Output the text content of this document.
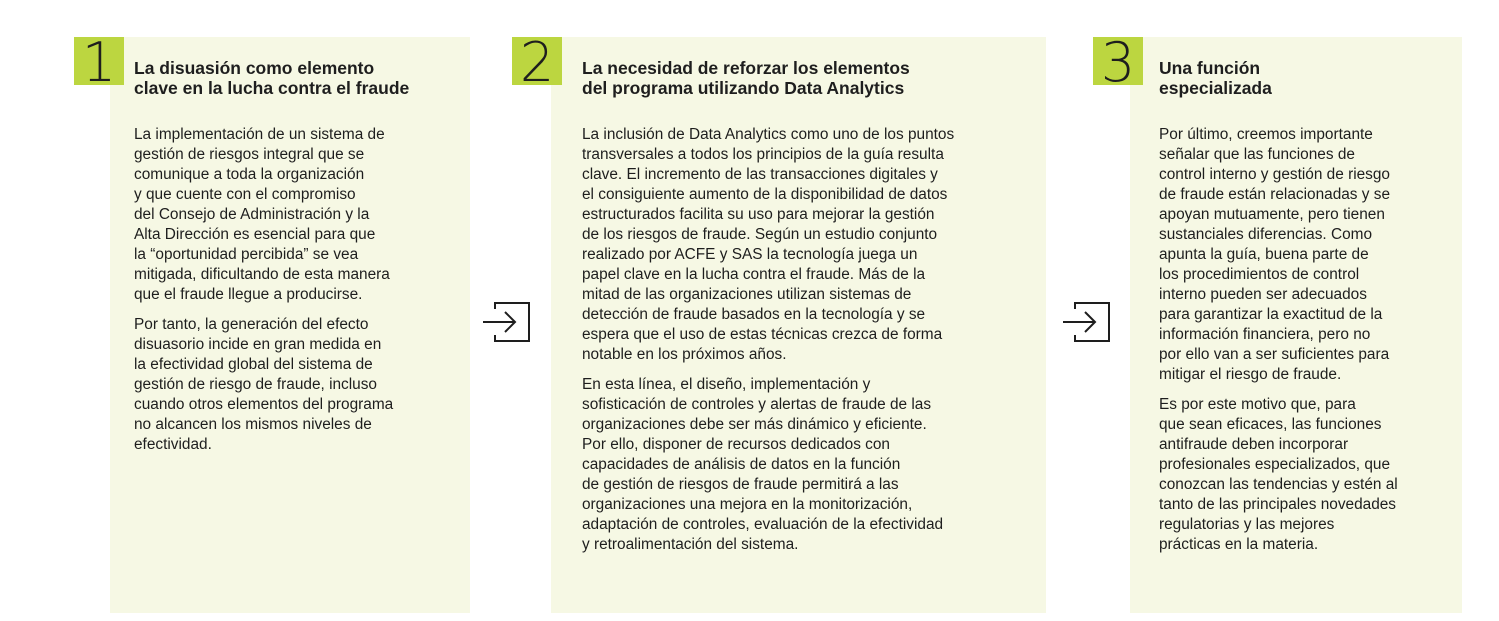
1	La disuasión como elemento
clave en la lucha contra el fraude

La implementación de un sistema de
gestión de riesgos integral que se
comunique a toda la organización
y que cuente con el compromiso
del Consejo de Administración y la
Alta Dirección es esencial para que
la “oportunidad percibida” se vea
mitigada, dificultando de esta manera
que el fraude llegue a producirse.

Por tanto, la generación del efecto
disuasorio incide en gran medida en
la efectividad global del sistema de
gestión de riesgo de fraude, incluso
cuando otros elementos del programa
no alcancen los mismos niveles de
efectividad.

2	La necesidad de reforzar los elementos
del programa utilizando Data Analytics

La inclusión de Data Analytics como uno de los puntos
transversales a todos los principios de la guía resulta
clave. El incremento de las transacciones digitales y
el consiguiente aumento de la disponibilidad de datos
estructurados facilita su uso para mejorar la gestión
de los riesgos de fraude. Según un estudio conjunto
realizado por ACFE y SAS la tecnología juega un
papel clave en la lucha contra el fraude. Más de la
mitad de las organizaciones utilizan sistemas de
detección de fraude basados en la tecnología y se
espera que el uso de estas técnicas crezca de forma
notable en los próximos años.

En esta línea, el diseño, implementación y
sofisticación de controles y alertas de fraude de las
organizaciones debe ser más dinámico y eficiente.
Por ello, disponer de recursos dedicados con
capacidades de análisis de datos en la función
de gestión de riesgos de fraude permitirá a las
organizaciones una mejora en la monitorización,
adaptación de controles, evaluación de la efectividad
y retroalimentación del sistema.

3	Una función
especializada

Por último, creemos importante
señalar que las funciones de
control interno y gestión de riesgo
de fraude están relacionadas y se
apoyan mutuamente, pero tienen
sustanciales diferencias. Como
apunta la guía, buena parte de
los procedimientos de control
interno pueden ser adecuados
para garantizar la exactitud de la
información financiera, pero no
por ello van a ser suficientes para
mitigar el riesgo de fraude.

Es por este motivo que, para
que sean eficaces, las funciones
antifraude deben incorporar
profesionales especializados, que
conozcan las tendencias y estén al
tanto de las principales novedades
regulatorias y las mejores
prácticas en la materia.
